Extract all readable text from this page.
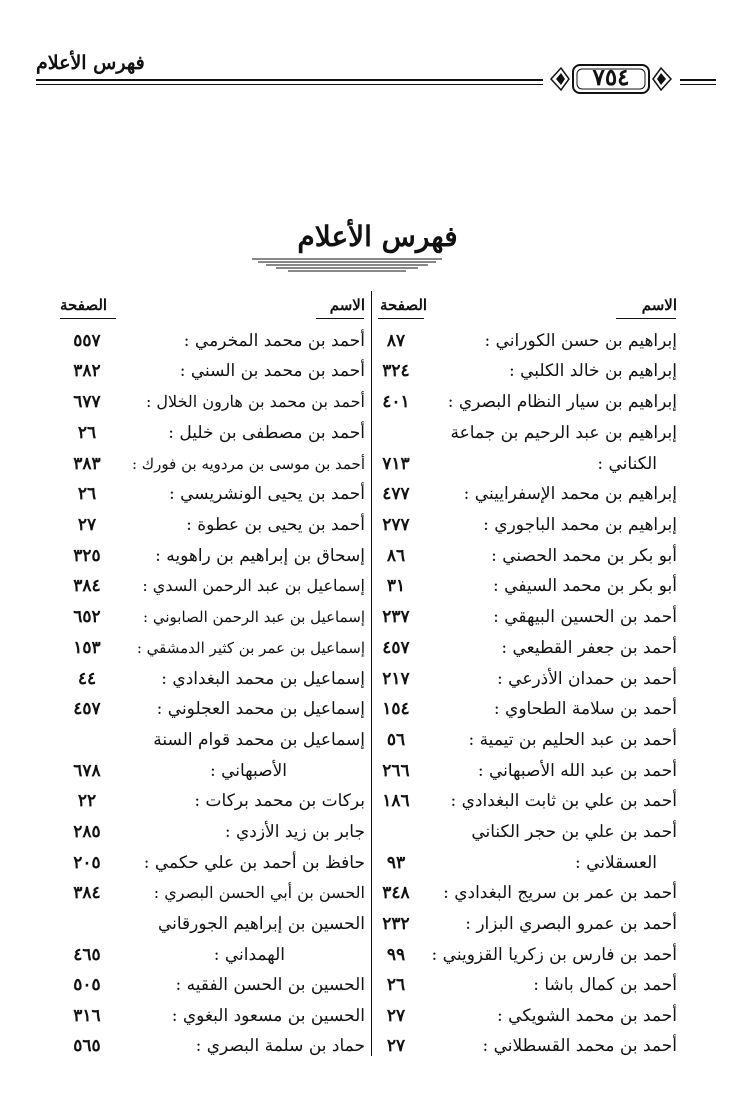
فهرس الأعلام
٧٥٤
فهرس الأعلام
الاسم
الصفحة
الاسم
الصفحة
إبراهيم بن حسن الكوراني :
٨٧
إبراهيم بن خالد الكلبي :
٣٢٤
إبراهيم بن سيار النظام البصري :
٤٠١
إبراهيم بن عبد الرحيم بن جماعة
الكناني :
٧١٣
إبراهيم بن محمد الإسفراييني :
٤٧٧
إبراهيم بن محمد الباجوري :
٢٧٧
أبو بكر بن محمد الحصني :
٨٦
أبو بكر بن محمد السيفي :
٣١
أحمد بن الحسين البيهقي :
٢٣٧
أحمد بن جعفر القطيعي :
٤٥٧
أحمد بن حمدان الأذرعي :
٢١٧
أحمد بن سلامة الطحاوي :
١٥٤
أحمد بن عبد الحليم بن تيمية :
٥٦
أحمد بن عبد الله الأصبهاني :
٢٦٦
أحمد بن علي بن ثابت البغدادي :
١٨٦
أحمد بن علي بن حجر الكناني
العسقلاني :
٩٣
أحمد بن عمر بن سريج البغدادي :
٣٤٨
أحمد بن عمرو البصري البزار :
٢٣٢
أحمد بن فارس بن زكريا القزويني :
٩٩
أحمد بن كمال باشا :
٢٦
أحمد بن محمد الشويكي :
٢٧
أحمد بن محمد القسطلاني :
٢٧
أحمد بن محمد المخرمي :
٥٥٧
أحمد بن محمد بن السني :
٣٨٢
أحمد بن محمد بن هارون الخلال :
٦٧٧
أحمد بن مصطفى بن خليل :
٢٦
أحمد بن موسى بن مردويه بن فورك :
٣٨٣
أحمد بن يحيى الونشريسي :
٢٦
أحمد بن يحيى بن عطوة :
٢٧
إسحاق بن إبراهيم بن راهويه :
٣٢٥
إسماعيل بن عبد الرحمن السدي :
٣٨٤
إسماعيل بن عبد الرحمن الصابوني :
٦٥٢
إسماعيل بن عمر بن كثير الدمشقي :
١٥٣
إسماعيل بن محمد البغدادي :
٤٤
إسماعيل بن محمد العجلوني :
٤٥٧
إسماعيل بن محمد قوام السنة
الأصبهاني :
٦٧٨
بركات بن محمد بركات :
٢٢
جابر بن زيد الأزدي :
٢٨٥
حافظ بن أحمد بن علي حكمي :
٢٠٥
الحسن بن أبي الحسن البصري :
٣٨٤
الحسين بن إبراهيم الجورقاني
الهمداني :
٤٦٥
الحسين بن الحسن الفقيه :
٥٠٥
الحسين بن مسعود البغوي :
٣١٦
حماد بن سلمة البصري :
٥٦٥
